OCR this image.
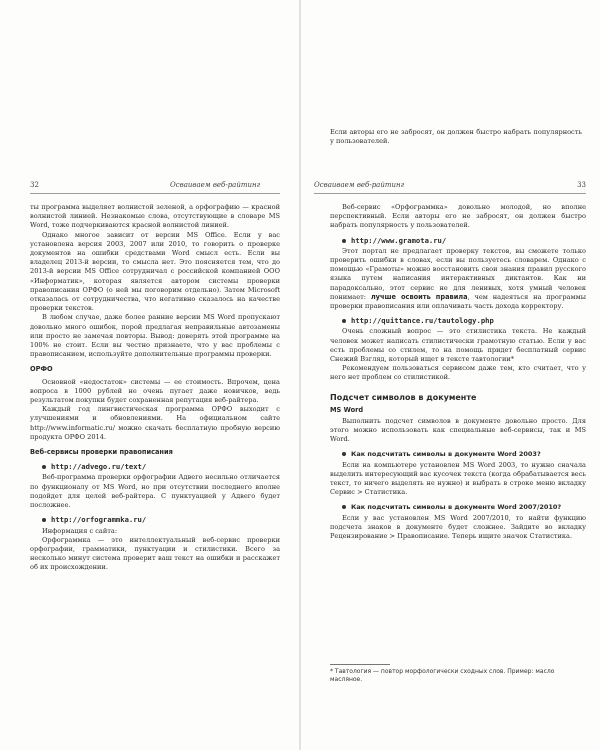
32	Осваиваем веб-райтинг

ты программа выделяет волнистой зеленой, а орфографию — красной волнистой линией. Незнакомые слова, отсутствующие в словаре MS Word, тоже подчеркиваются красной волнистой линией.

Однако многое зависит от версии MS Office. Если у вас установлена версия 2003, 2007 или 2010, то говорить о проверке документов на ошибки средствами Word смысл есть. Если вы владелец 2013-й версии, то смысла нет. Это поясняется тем, что до 2013-й версии MS Office сотрудничал с российской компанией ООО «Информатик», которая является автором системы проверки правописания ОРФО (о ней мы поговорим отдельно). Затем Microsoft отказалась от сотрудничества, что негативно сказалось на качестве проверки текстов.

В любом случае, даже более ранние версии MS Word пропускают довольно много ошибок, порой предлагая неправильные автозамены или просто не замечая повторы. Вывод: доверять этой программе на 100% не стоит. Если вы честно признаете, что у вас проблемы с правописанием, используйте дополнительные программы проверки.

ОРФО

Основной «недостаток» системы — ее стоимость. Впрочем, цена вопроса в 1000 рублей не очень пугает даже новичков, ведь результатом покупки будет сохраненная репутация веб-райтера.

Каждый год лингвистическая программа ОРФО выходит с улучшениями и обновлениями. На официальном сайте http://www.informatic.ru/ можно скачать бесплатную пробную версию продукта ОРФО 2014.

Веб-сервисы проверки правописания
http://advego.ru/text/

Веб-программа проверки орфографии Адвего несильно отличается по функционалу от MS Word, но при отсутствии последнего вполне подойдет для целей веб-райтера. С пунктуацией у Адвего будет посложнее.

http://orfogrammka.ru/

Информация с сайта:

Орфограммка — это интеллектуальный веб-сервис проверки орфографии, грамматики, пунктуации и стилистики. Всего за несколько минут система проверит ваш текст на ошибки и расскажет об их происхождении.

Если авторы его не забросят, он должен быстро набрать популярность у пользователей.

Осваиваем веб-райтинг	33

Веб-сервис «Орфограммка» довольно молодой, но вполне перспективный. Если авторы его не забросят, он должен быстро набрать популярность у пользователей.

http://www.gramota.ru/

Этот портал не предлагает проверку текстов, вы сможете только проверить ошибки в словах, если вы пользуетесь словарем. Однако с помощью «Грамоты» можно восстановить свои знания правил русского языка путем написания интерактивных диктантов. Как ни парадоксально, этот сервис не для ленивых, хотя умный человек понимает: лучше освоить правила, чем надеяться на программы проверки правописания или оплачивать часть дохода корректору.

http://quittance.ru/tautology.php

Очень сложный вопрос — это стилистика текста. Не каждый человек может написать стилистически грамотную статью. Если у вас есть проблемы со стилем, то на помощь придет бесплатный сервис Снежий Взгляд, который ищет в тексте тавтологии*

Рекомендуем пользоваться сервисом даже тем, кто считает, что у него нет проблем со стилистикой.

Подсчет символов в документе
MS Word

Выполнить подсчет символов в документе довольно просто. Для этого можно использовать как специальные веб-сервисы, так и MS Word.

Как подсчитать символы в документе Word 2003?

Если на компьютере установлен MS Word 2003, то нужно сначала выделить интересующий вас кусочек текста (когда обрабатывается весь текст, то ничего выделять не нужно) и выбрать в строке меню вкладку Сервис > Статистика.

Как подсчитать символы в документе Word 2007/2010?

Если у вас установлен MS Word 2007/2010, то найти функцию подсчета знаков в документе будет сложнее. Зайдите во вкладку Рецензирование > Правописание. Теперь ищите значок Статистика.

* Тавтология — повтор морфологически сходных слов. Пример: масло масляное.
